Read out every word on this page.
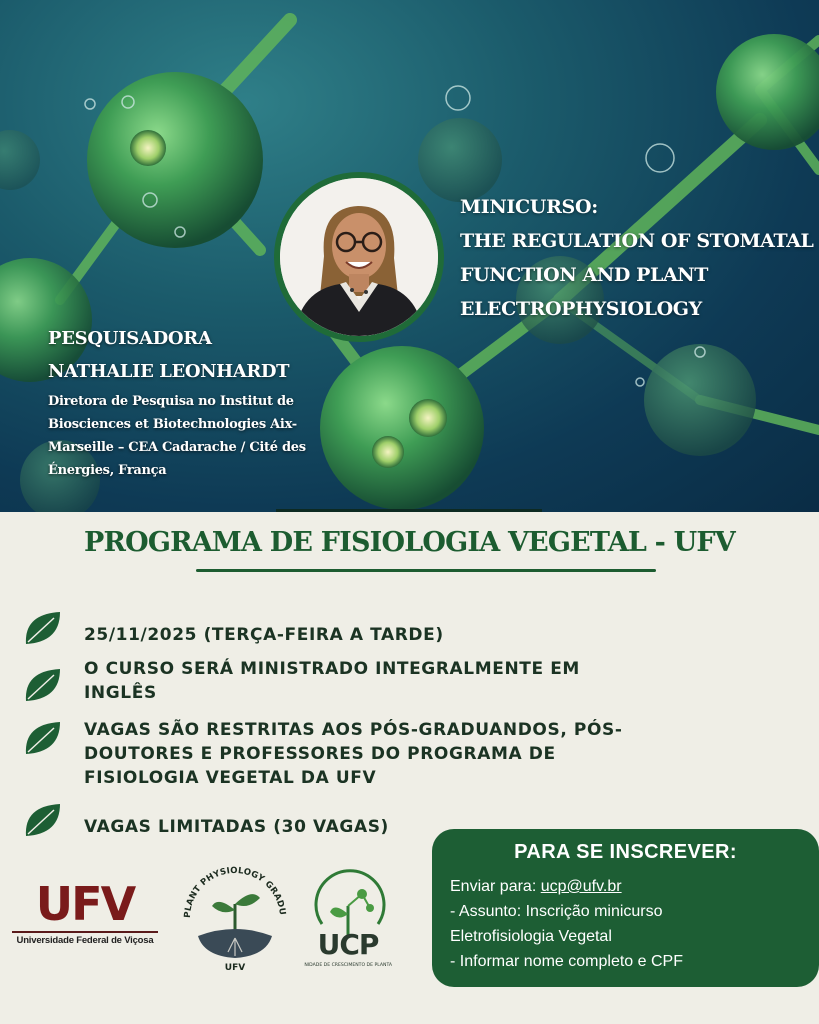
MINICURSO:
THE REGULATION OF STOMATAL FUNCTION AND PLANT ELECTROPHYSIOLOGY
PESQUISADORA
NATHALIE LEONHARDT
Diretora de Pesquisa no Institut de Biosciences et Biotechnologies Aix-Marseille – CEA Cadarache / Cité des Énergies, França
PROGRAMA DE FISIOLOGIA VEGETAL - UFV
25/11/2025 (TERÇA-FEIRA A TARDE)
O CURSO SERÁ MINISTRADO INTEGRALMENTE EM INGLÊS
VAGAS SÃO RESTRITAS AOS PÓS-GRADUANDOS, PÓS-DOUTORES E PROFESSORES DO PROGRAMA DE FISIOLOGIA VEGETAL DA UFV
VAGAS LIMITADAS (30 VAGAS)
UFV
Universidade Federal de Viçosa
PLANT PHYSIOLOGY GRADU
UFV
UCP
UNIDADE DE CRESCIMENTO DE PLANTAS
PARA SE INSCREVER:
Enviar para: ucp@ufv.br
- Assunto: Inscrição minicurso
Eletrofisiologia Vegetal
- Informar nome completo e CPF
